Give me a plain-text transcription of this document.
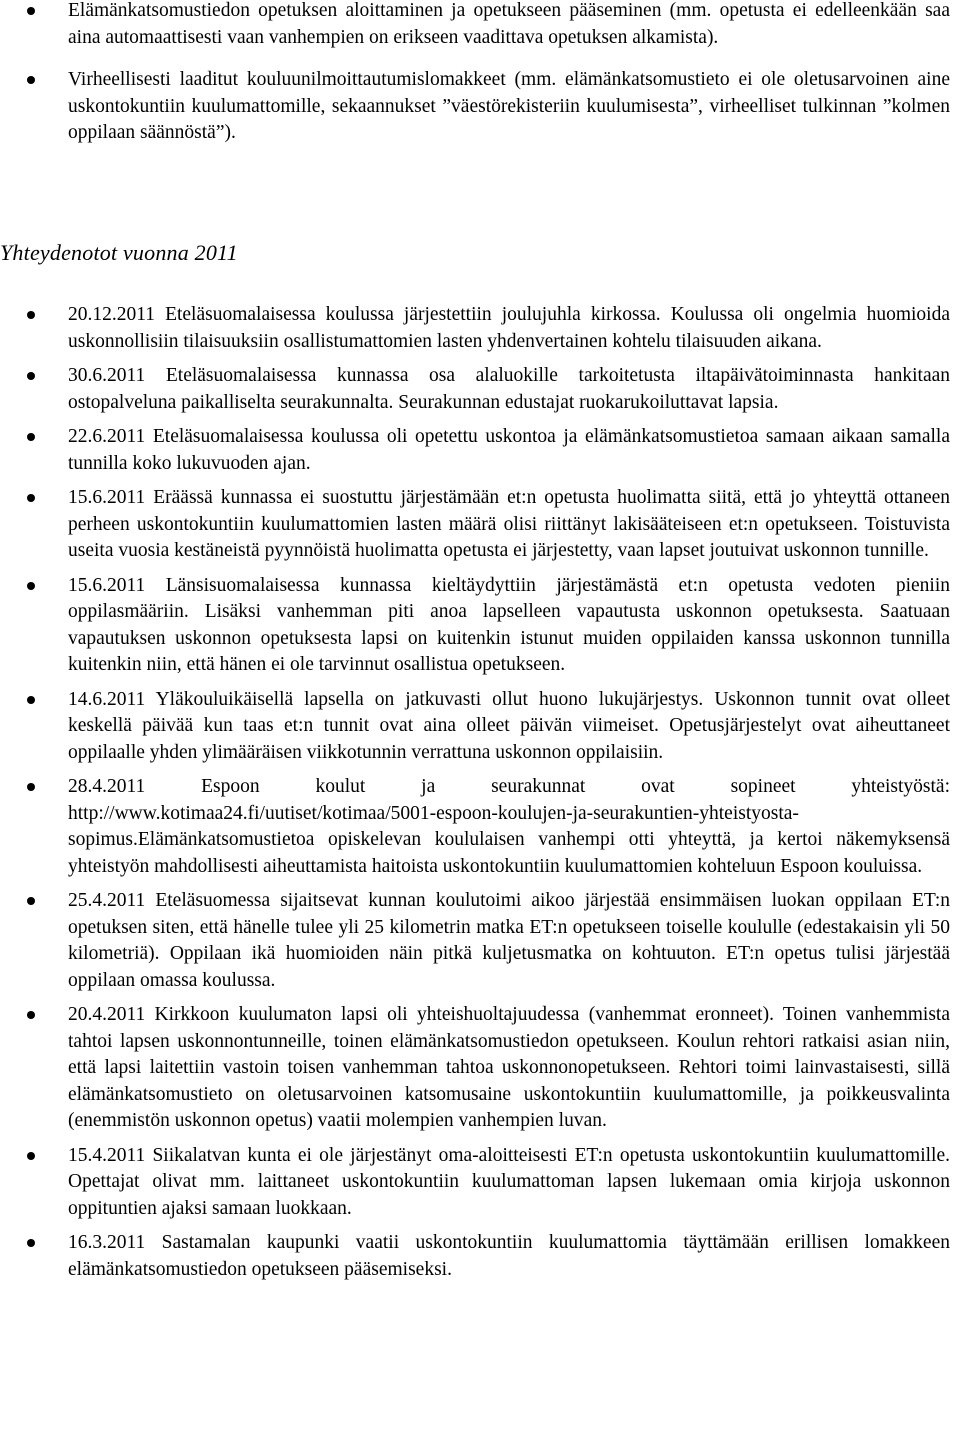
Elämänkatsomustiedon opetuksen aloittaminen ja opetukseen pääseminen (mm. opetusta ei edelleenkään saa aina automaattisesti vaan vanhempien on erikseen vaadittava opetuksen alkamista).
Virheellisesti laaditut kouluunilmoittautumislomakkeet (mm. elämänkatsomustieto ei ole oletusarvoinen aine uskontokuntiin kuulumattomille, sekaannukset ”väestörekisteriin kuulumisesta”, virheelliset tulkinnan ”kolmen oppilaan säännöstä”).
Yhteydenotot vuonna 2011
20.12.2011 Eteläsuomalaisessa koulussa järjestettiin joulujuhla kirkossa. Koulussa oli ongelmia huomioida uskonnollisiin tilaisuuksiin osallistumattomien lasten yhdenvertainen kohtelu tilaisuuden aikana.
30.6.2011 Eteläsuomalaisessa kunnassa osa alaluokille tarkoitetusta iltapäivätoiminnasta hankitaan ostopalveluna paikalliselta seurakunnalta. Seurakunnan edustajat ruokarukoiluttavat lapsia.
22.6.2011 Eteläsuomalaisessa koulussa oli opetettu uskontoa ja elämänkatsomustietoa samaan aikaan samalla tunnilla koko lukuvuoden ajan.
15.6.2011 Eräässä kunnassa ei suostuttu järjestämään et:n opetusta huolimatta siitä, että jo yhteyttä ottaneen perheen uskontokuntiin kuulumattomien lasten määrä olisi riittänyt lakisääteiseen et:n opetukseen. Toistuvista useita vuosia kestäneistä pyynnöistä huolimatta opetusta ei järjestetty, vaan lapset joutuivat uskonnon tunnille.
15.6.2011 Länsisuomalaisessa kunnassa kieltäydyttiin järjestämästä et:n opetusta vedoten pieniin oppilasmääriin. Lisäksi vanhemman piti anoa lapselleen vapautusta uskonnon opetuksesta. Saatuaan vapautuksen uskonnon opetuksesta lapsi on kuitenkin istunut muiden oppilaiden kanssa uskonnon tunnilla kuitenkin niin, että hänen ei ole tarvinnut osallistua opetukseen.
14.6.2011 Yläkouluikäisellä lapsella on jatkuvasti ollut huono lukujärjestys. Uskonnon tunnit ovat olleet keskellä päivää kun taas et:n tunnit ovat aina olleet päivän viimeiset. Opetusjärjestelyt ovat aiheuttaneet oppilaalle yhden ylimääräisen viikkotunnin verrattuna uskonnon oppilaisiin.
28.4.2011 Espoon koulut ja seurakunnat ovat sopineet yhteistyöstä: http://www.kotimaa24.fi/uutiset/kotimaa/5001-espoon-koulujen-ja-seurakuntien-yhteistyosta-sopimus.Elämänkatsomustietoa opiskelevan koululaisen vanhempi otti yhteyttä, ja kertoi näkemyksensä yhteistyön mahdollisesti aiheuttamista haitoista uskontokuntiin kuulumattomien kohteluun Espoon kouluissa.
25.4.2011 Eteläsuomessa sijaitsevat kunnan koulutoimi aikoo järjestää ensimmäisen luokan oppilaan ET:n opetuksen siten, että hänelle tulee yli 25 kilometrin matka ET:n opetukseen toiselle koululle (edestakaisin yli 50 kilometriä). Oppilaan ikä huomioiden näin pitkä kuljetusmatka on kohtuuton. ET:n opetus tulisi järjestää oppilaan omassa koulussa.
20.4.2011 Kirkkoon kuulumaton lapsi oli yhteishuoltajuudessa (vanhemmat eronneet). Toinen vanhemmista tahtoi lapsen uskonnontunneille, toinen elämänkatsomustiedon opetukseen. Koulun rehtori ratkaisi asian niin, että lapsi laitettiin vastoin toisen vanhemman tahtoa uskonnonopetukseen. Rehtori toimi lainvastaisesti, sillä elämänkatsomustieto on oletusarvoinen katsomusaine uskontokuntiin kuulumattomille, ja poikkeusvalinta (enemmistön uskonnon opetus) vaatii molempien vanhempien luvan.
15.4.2011 Siikalatvan kunta ei ole järjestänyt oma-aloitteisesti ET:n opetusta uskontokuntiin kuulumattomille. Opettajat olivat mm. laittaneet uskontokuntiin kuulumattoman lapsen lukemaan omia kirjoja uskonnon oppituntien ajaksi samaan luokkaan.
16.3.2011 Sastamalan kaupunki vaatii uskontokuntiin kuulumattomia täyttämään erillisen lomakkeen elämänkatsomustiedon opetukseen pääsemiseksi.
